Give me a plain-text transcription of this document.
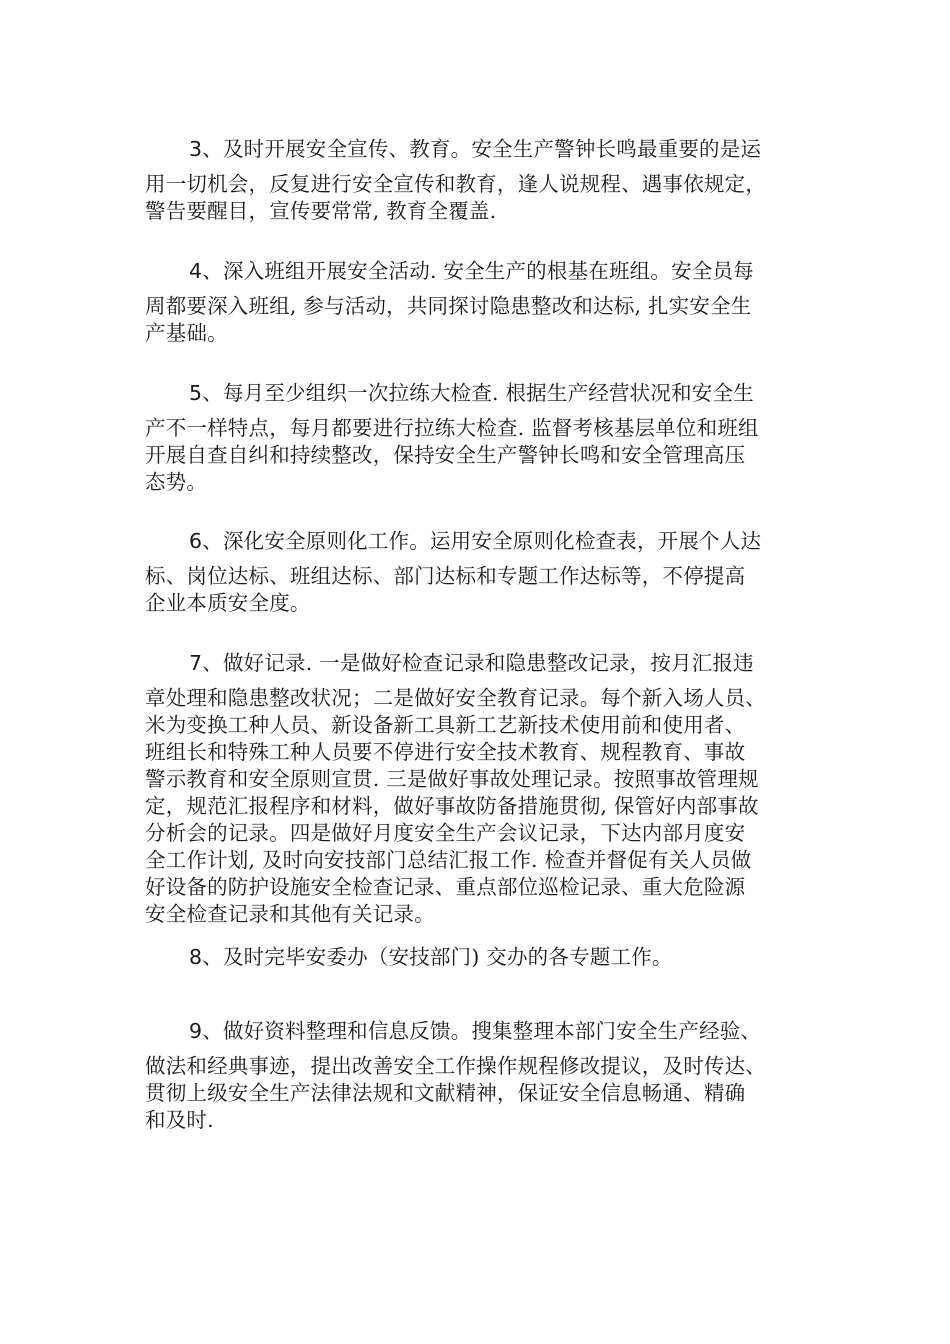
3、及时开展安全宣传、教育。安全生产警钟长鸣最重要的是运
用一切机会，反复进行安全宣传和教育，逢人说规程、遇事依规定，
警告要醒目，宣传要常常, 教育全覆盖.
4、深入班组开展安全活动. 安全生产的根基在班组。安全员每
周都要深入班组, 参与活动，共同探讨隐患整改和达标, 扎实安全生
产基础。
5、每月至少组织一次拉练大检查. 根据生产经营状况和安全生
产不一样特点，每月都要进行拉练大检查. 监督考核基层单位和班组
开展自查自纠和持续整改，保持安全生产警钟长鸣和安全管理高压
态势。
6、深化安全原则化工作。运用安全原则化检查表，开展个人达
标、岗位达标、班组达标、部门达标和专题工作达标等，不停提高
企业本质安全度。
7、做好记录. 一是做好检查记录和隐患整改记录，按月汇报违
章处理和隐患整改状况；二是做好安全教育记录。每个新入场人员、
米为变换工种人员、新设备新工具新工艺新技术使用前和使用者、
班组长和特殊工种人员要不停进行安全技术教育、规程教育、事故
警示教育和安全原则宣贯. 三是做好事故处理记录。按照事故管理规
定，规范汇报程序和材料，做好事故防备措施贯彻, 保管好内部事故
分析会的记录。四是做好月度安全生产会议记录，下达内部月度安
全工作计划, 及时向安技部门总结汇报工作. 检查并督促有关人员做
好设备的防护设施安全检查记录、重点部位巡检记录、重大危险源
安全检查记录和其他有关记录。
8、及时完毕安委办（安技部门) 交办的各专题工作。
9、做好资料整理和信息反馈。搜集整理本部门安全生产经验、
做法和经典事迹，提出改善安全工作操作规程修改提议，及时传达、
贯彻上级安全生产法律法规和文献精神，保证安全信息畅通、精确
和及时.
